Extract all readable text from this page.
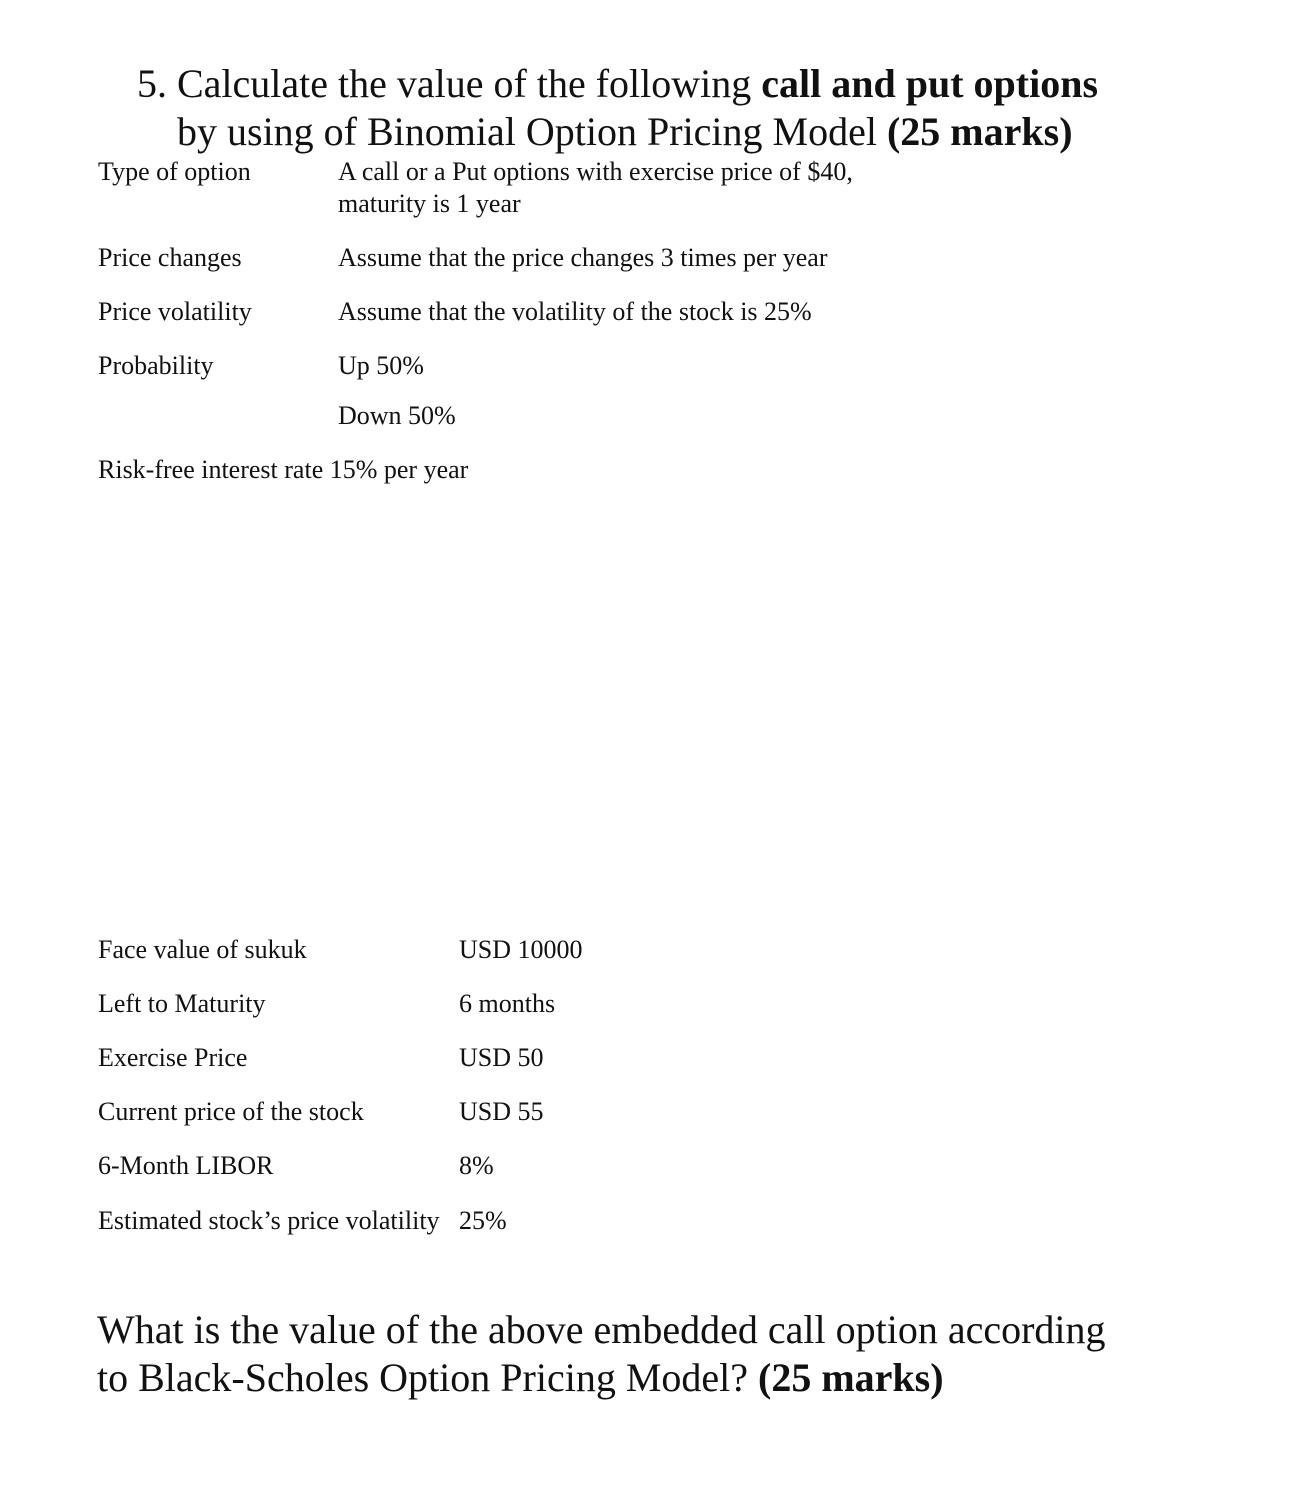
5. Calculate the value of the following call and put options
by using of Binomial Option Pricing Model (25 marks)
Type of option	A call or a Put options with exercise price of $40,
maturity is 1 year
Price changes	Assume that the price changes 3 times per year
Price volatility	Assume that the volatility of the stock is 25%
Probability	Up 50%
Down 50%
Risk-free interest rate 15% per year
Face value of sukuk	USD 10000
Left to Maturity	6 months
Exercise Price	USD 50
Current price of the stock	USD 55
6-Month LIBOR	8%
Estimated stock’s price volatility 25%
What is the value of the above embedded call option according
to Black-Scholes Option Pricing Model? (25 marks)
